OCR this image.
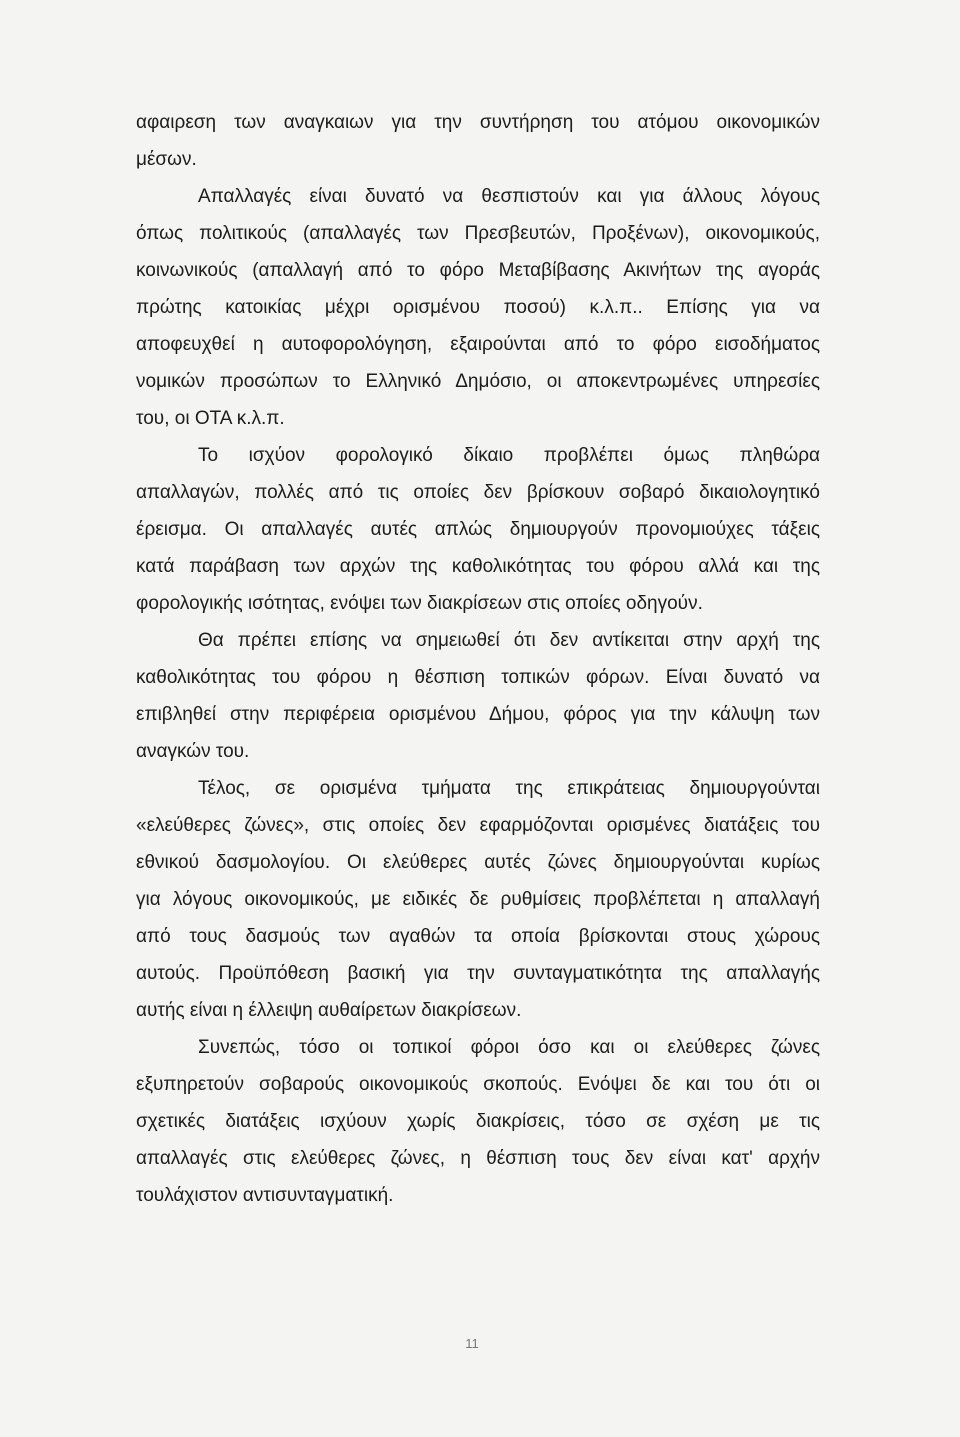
αφαιρεση των αναγκαιων για την συντήρηση του ατόμου οικονομικών
μέσων.
Απαλλαγές είναι δυνατό να θεσπιστούν και για άλλους λόγους
όπως πολιτικούς (απαλλαγές των Πρεσβευτών, Προξένων), οικονομικούς,
κοινωνικούς (απαλλαγή από το φόρο Μεταβίβασης Ακινήτων της αγοράς
πρώτης κατοικίας μέχρι ορισμένου ποσού) κ.λ.π.. Επίσης για να
αποφευχθεί η αυτοφορολόγηση, εξαιρούνται από το φόρο εισοδήματος
νομικών προσώπων το Ελληνικό Δημόσιο, οι αποκεντρωμένες υπηρεσίες
του, οι ΟΤΑ κ.λ.π.
Το ισχύον φορολογικό δίκαιο προβλέπει όμως πληθώρα
απαλλαγών, πολλές από τις οποίες δεν βρίσκουν σοβαρό δικαιολογητικό
έρεισμα. Οι απαλλαγές αυτές απλώς δημιουργούν προνομιούχες τάξεις
κατά παράβαση των αρχών της καθολικότητας του φόρου αλλά και της
φορολογικής ισότητας, ενόψει των διακρίσεων στις οποίες οδηγούν.
Θα πρέπει επίσης να σημειωθεί ότι δεν αντίκειται στην αρχή της
καθολικότητας του φόρου η θέσπιση τοπικών φόρων. Είναι δυνατό να
επιβληθεί στην περιφέρεια ορισμένου Δήμου, φόρος για την κάλυψη των
αναγκών του.
Τέλος, σε ορισμένα τμήματα της επικράτειας δημιουργούνται
«ελεύθερες ζώνες», στις οποίες δεν εφαρμόζονται ορισμένες διατάξεις του
εθνικού δασμολογίου. Οι ελεύθερες αυτές ζώνες δημιουργούνται κυρίως
για λόγους οικονομικούς, με ειδικές δε ρυθμίσεις προβλέπεται η απαλλαγή
από τους δασμούς των αγαθών τα οποία βρίσκονται στους χώρους
αυτούς. Προϋπόθεση βασική για την συνταγματικότητα της απαλλαγής
αυτής είναι η έλλειψη αυθαίρετων διακρίσεων.
Συνεπώς, τόσο οι τοπικοί φόροι όσο και οι ελεύθερες ζώνες
εξυπηρετούν σοβαρούς οικονομικούς σκοπούς. Ενόψει δε και του ότι οι
σχετικές διατάξεις ισχύουν χωρίς διακρίσεις, τόσο σε σχέση με τις
απαλλαγές στις ελεύθερες ζώνες, η θέσπιση τους δεν είναι κατ' αρχήν
τουλάχιστον αντισυνταγματική.
11
